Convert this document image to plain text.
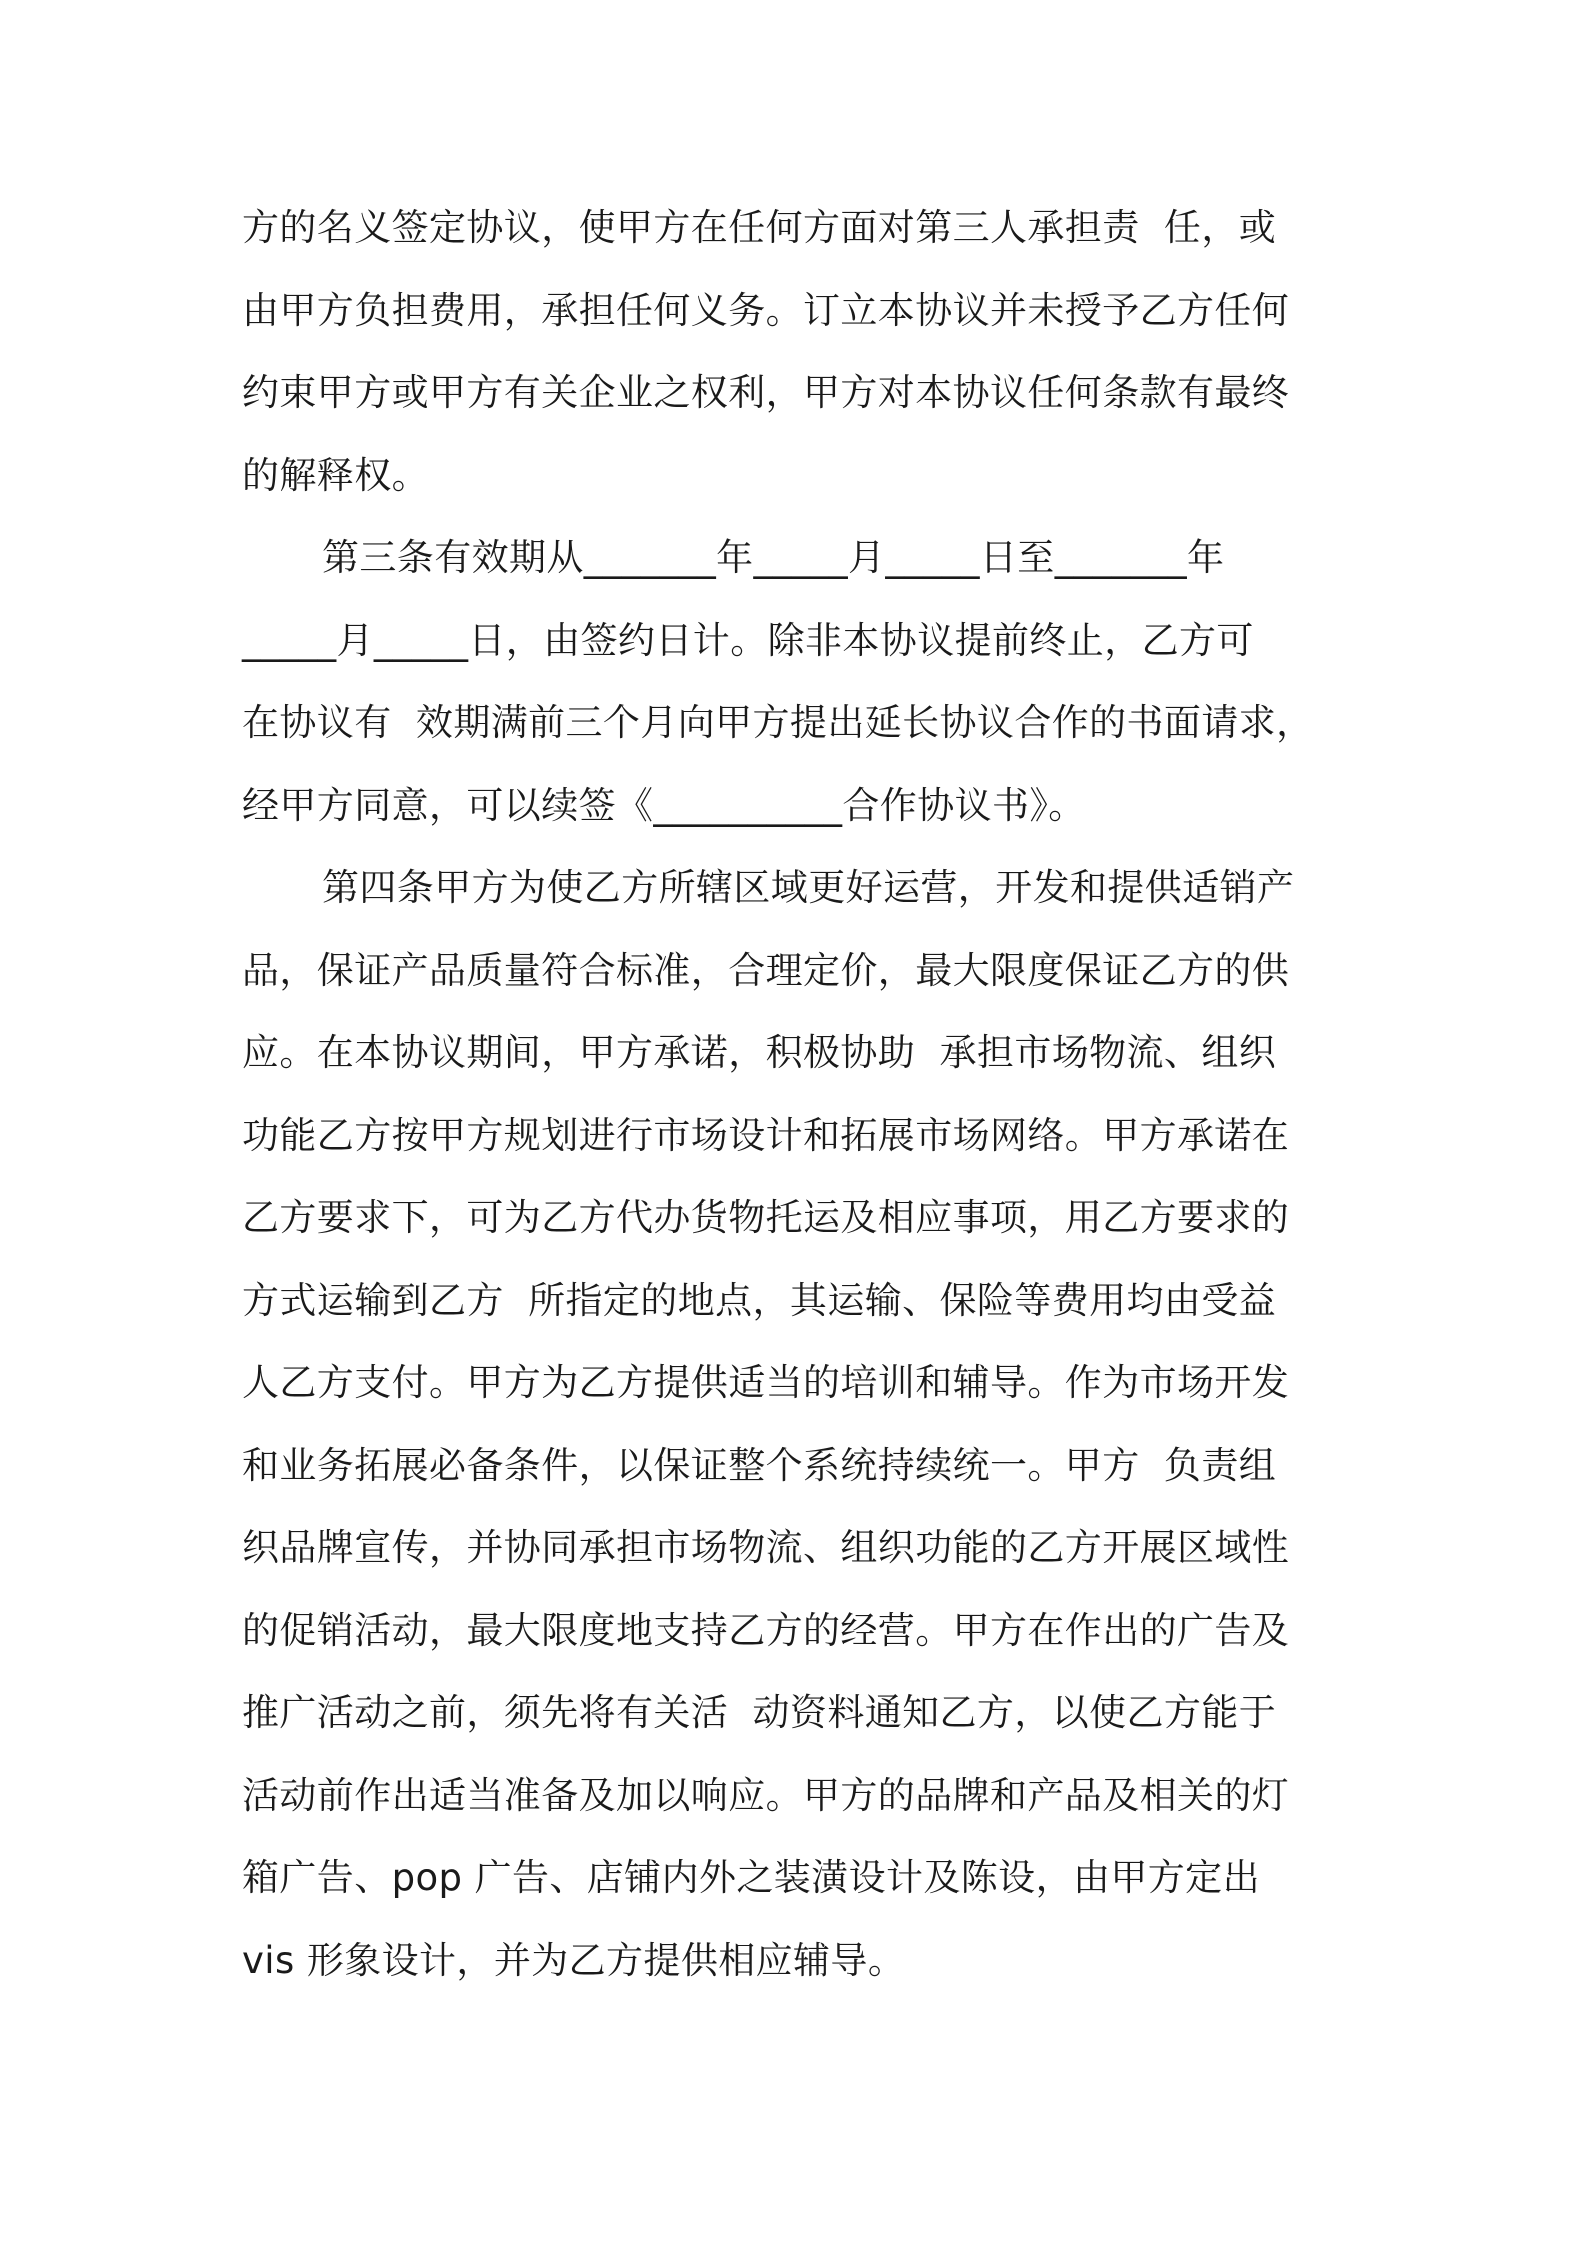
方的名义签定协议，使甲方在任何方面对第三人承担责  任，或
由甲方负担费用，承担任何义务。订立本协议并未授予乙方任何
约束甲方或甲方有关企业之权利，甲方对本协议任何条款有最终
的解释权。
第三条有效期从_______年_____月_____日至_______年
_____月_____日，由签约日计。除非本协议提前终止，乙方可
在协议有  效期满前三个月向甲方提出延长协议合作的书面请求，
经甲方同意，可以续签《__________合作协议书》。
第四条甲方为使乙方所辖区域更好运营，开发和提供适销产
品，保证产品质量符合标准，合理定价，最大限度保证乙方的供
应。在本协议期间，甲方承诺，积极协助  承担市场物流、组织
功能乙方按甲方规划进行市场设计和拓展市场网络。甲方承诺在
乙方要求下，可为乙方代办货物托运及相应事项，用乙方要求的
方式运输到乙方  所指定的地点，其运输、保险等费用均由受益
人乙方支付。甲方为乙方提供适当的培训和辅导。作为市场开发
和业务拓展必备条件，以保证整个系统持续统一。甲方  负责组
织品牌宣传，并协同承担市场物流、组织功能的乙方开展区域性
的促销活动，最大限度地支持乙方的经营。甲方在作出的广告及
推广活动之前，须先将有关活  动资料通知乙方，以使乙方能于
活动前作出适当准备及加以响应。甲方的品牌和产品及相关的灯
箱广告、pop 广告、店铺内外之装潢设计及陈设，由甲方定出
vis 形象设计，并为乙方提供相应辅导。
